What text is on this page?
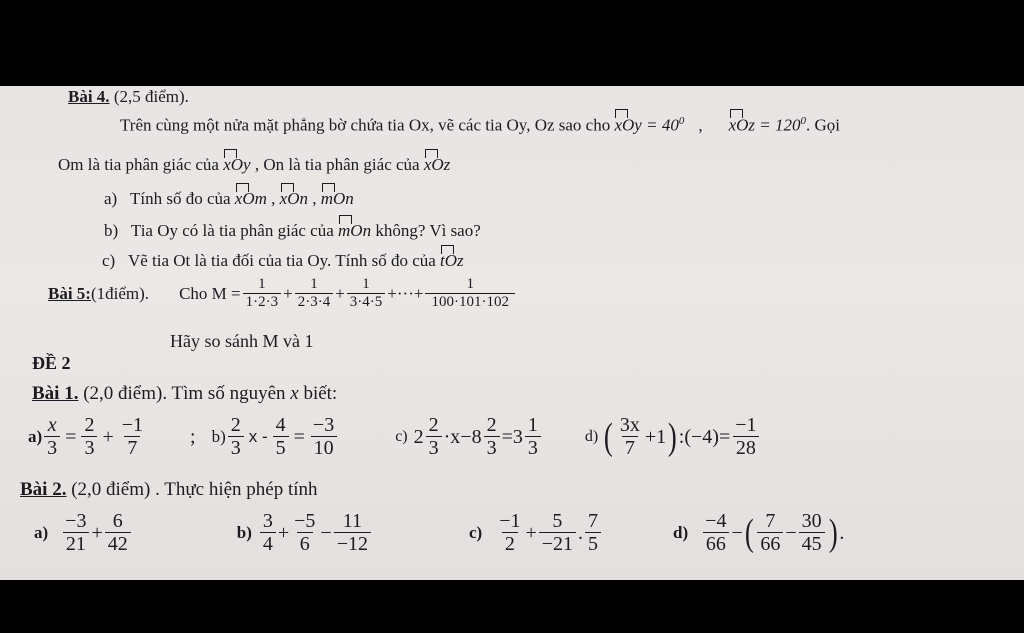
Bài 4. (2,5 điểm).
Trên cùng một nửa mặt phẳng bờ chứa tia Ox, vẽ các tia Oy, Oz sao cho xOy = $40^0$ , xOz = $120^0$. Gọi
Om là tia phân giác của xOy , On là tia phân giác của xOz
a) Tính số đo của xOm , xOn , mOn
b) Tia Oy có là tia phân giác của mOn không? Vì sao?
c) Vẽ tia Ot là tia đối của tia Oy. Tính số đo của tOz
Bài 5: (1điểm). Cho $M = \frac{1}{1\cdot 2\cdot 3} + \frac{1}{2\cdot 3\cdot 4} + \frac{1}{3\cdot 4\cdot 5}$ +···+ $\frac{1}{100\cdot 101\cdot 102}$
Hãy so sánh M và 1
ĐỀ 2
Bài 1. (2,0 điểm). Tìm số nguyên x biết:
$a) \frac{x}{3} = \frac{2}{3} + \frac{-1}{7}$ ; $b) \frac{2}{3}$ $x - \frac{4}{5} = \frac{-3}{10}$	c) $2 \frac{2}{3} \cdot x-8 \frac{2}{3} =3 \frac{1}{3}$	d) ( $\frac{3x}{7} +1$ ) :(−4)= $\frac{-1}{28}$
Bài 2. (2,0 điểm) . Thực hiện phép tính
$a) \frac{-3}{21} + \frac{6}{42}$	$b) \frac{3}{4} + \frac{-5}{6} - \frac{11}{-12}$	$c) \frac{-1}{2} + \frac{5}{-21}$ . $\frac{7}{5}$	$d) \frac{-4}{66}$ − ( $\frac{7}{66} - \frac{30}{45}$ ) .
